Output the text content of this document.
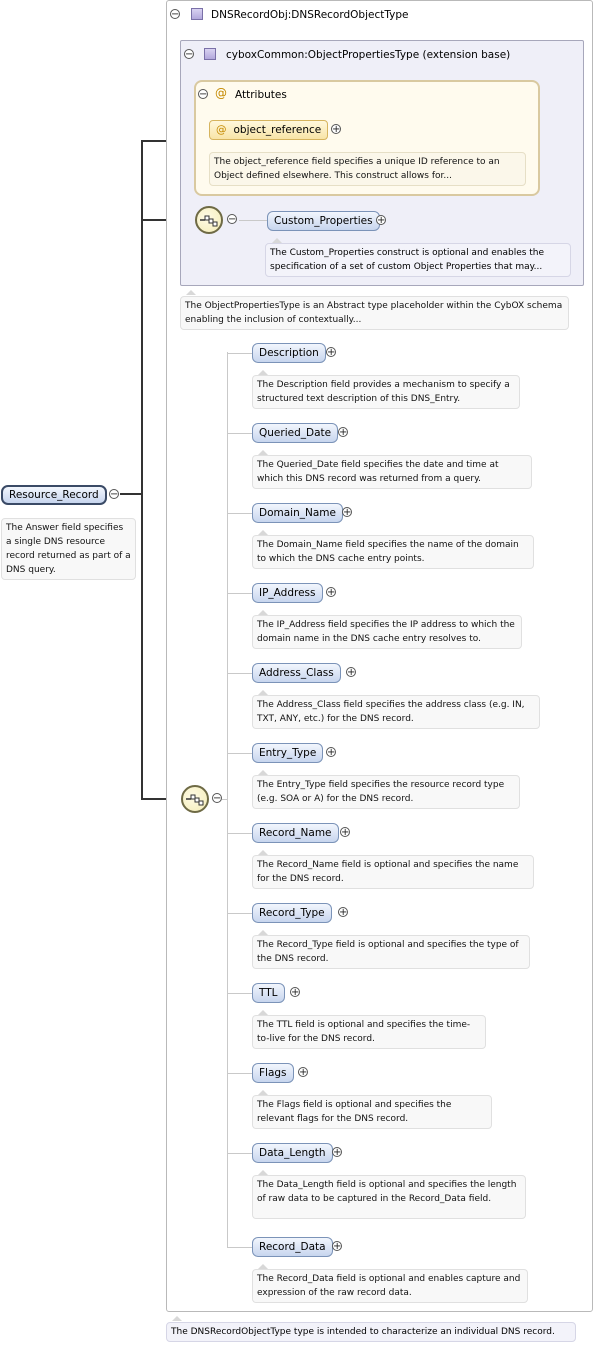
Resource_Record	−
The Answer field specifies a single DNS resource record returned as part of a DNS query.
−	DNSRecordObj:DNSRecordObjectType
−	cybox​Common:ObjectPropertiesType (extension base)
− @ Attributes
@ object_reference	+
The object_reference field specifies a unique ID reference to an Object defined elsewhere. This construct allows for...
−	Custom_Properties +
The Custom_Properties construct is optional and enables the specification of a set of custom Object Properties that may...
The ObjectPropertiesType is an Abstract type placeholder within the CybOX schema enabling the inclusion of contextually...
−
Description +
The Description field provides a mechanism to specify a structured text description of this DNS_Entry.
Queried_Date +
The Queried_Date field specifies the date and time at which this DNS record was returned from a query.
Domain_Name +
The Domain_Name field specifies the name of the domain to which the DNS cache entry points.
IP_Address	+
The IP_Address field specifies the IP address to which the domain name in the DNS cache entry resolves to.
Address_Class	+
The Address_Class field specifies the address class (e.g. IN, TXT, ANY, etc.) for the DNS record.
Entry_Type	+
The Entry_Type field specifies the resource record type (e.g. SOA or A) for the DNS record.
Record_Name +
The Record_Name field is optional and specifies the name for the DNS record.
Record_Type	+
The Record_Type field is optional and specifies the type of the DNS record.
TTL	+
The TTL field is optional and specifies the time-to-live for the DNS record.
Flags	+
The Flags field is optional and specifies the relevant flags for the DNS record.
Data_Length +
The Data_Length field is optional and specifies the length of raw data to be captured in the Record_Data field.
Record_Data +
The Record_Data field is optional and enables capture and expression of the raw record data.
The DNSRecordObjectType type is intended to characterize an individual DNS record.
